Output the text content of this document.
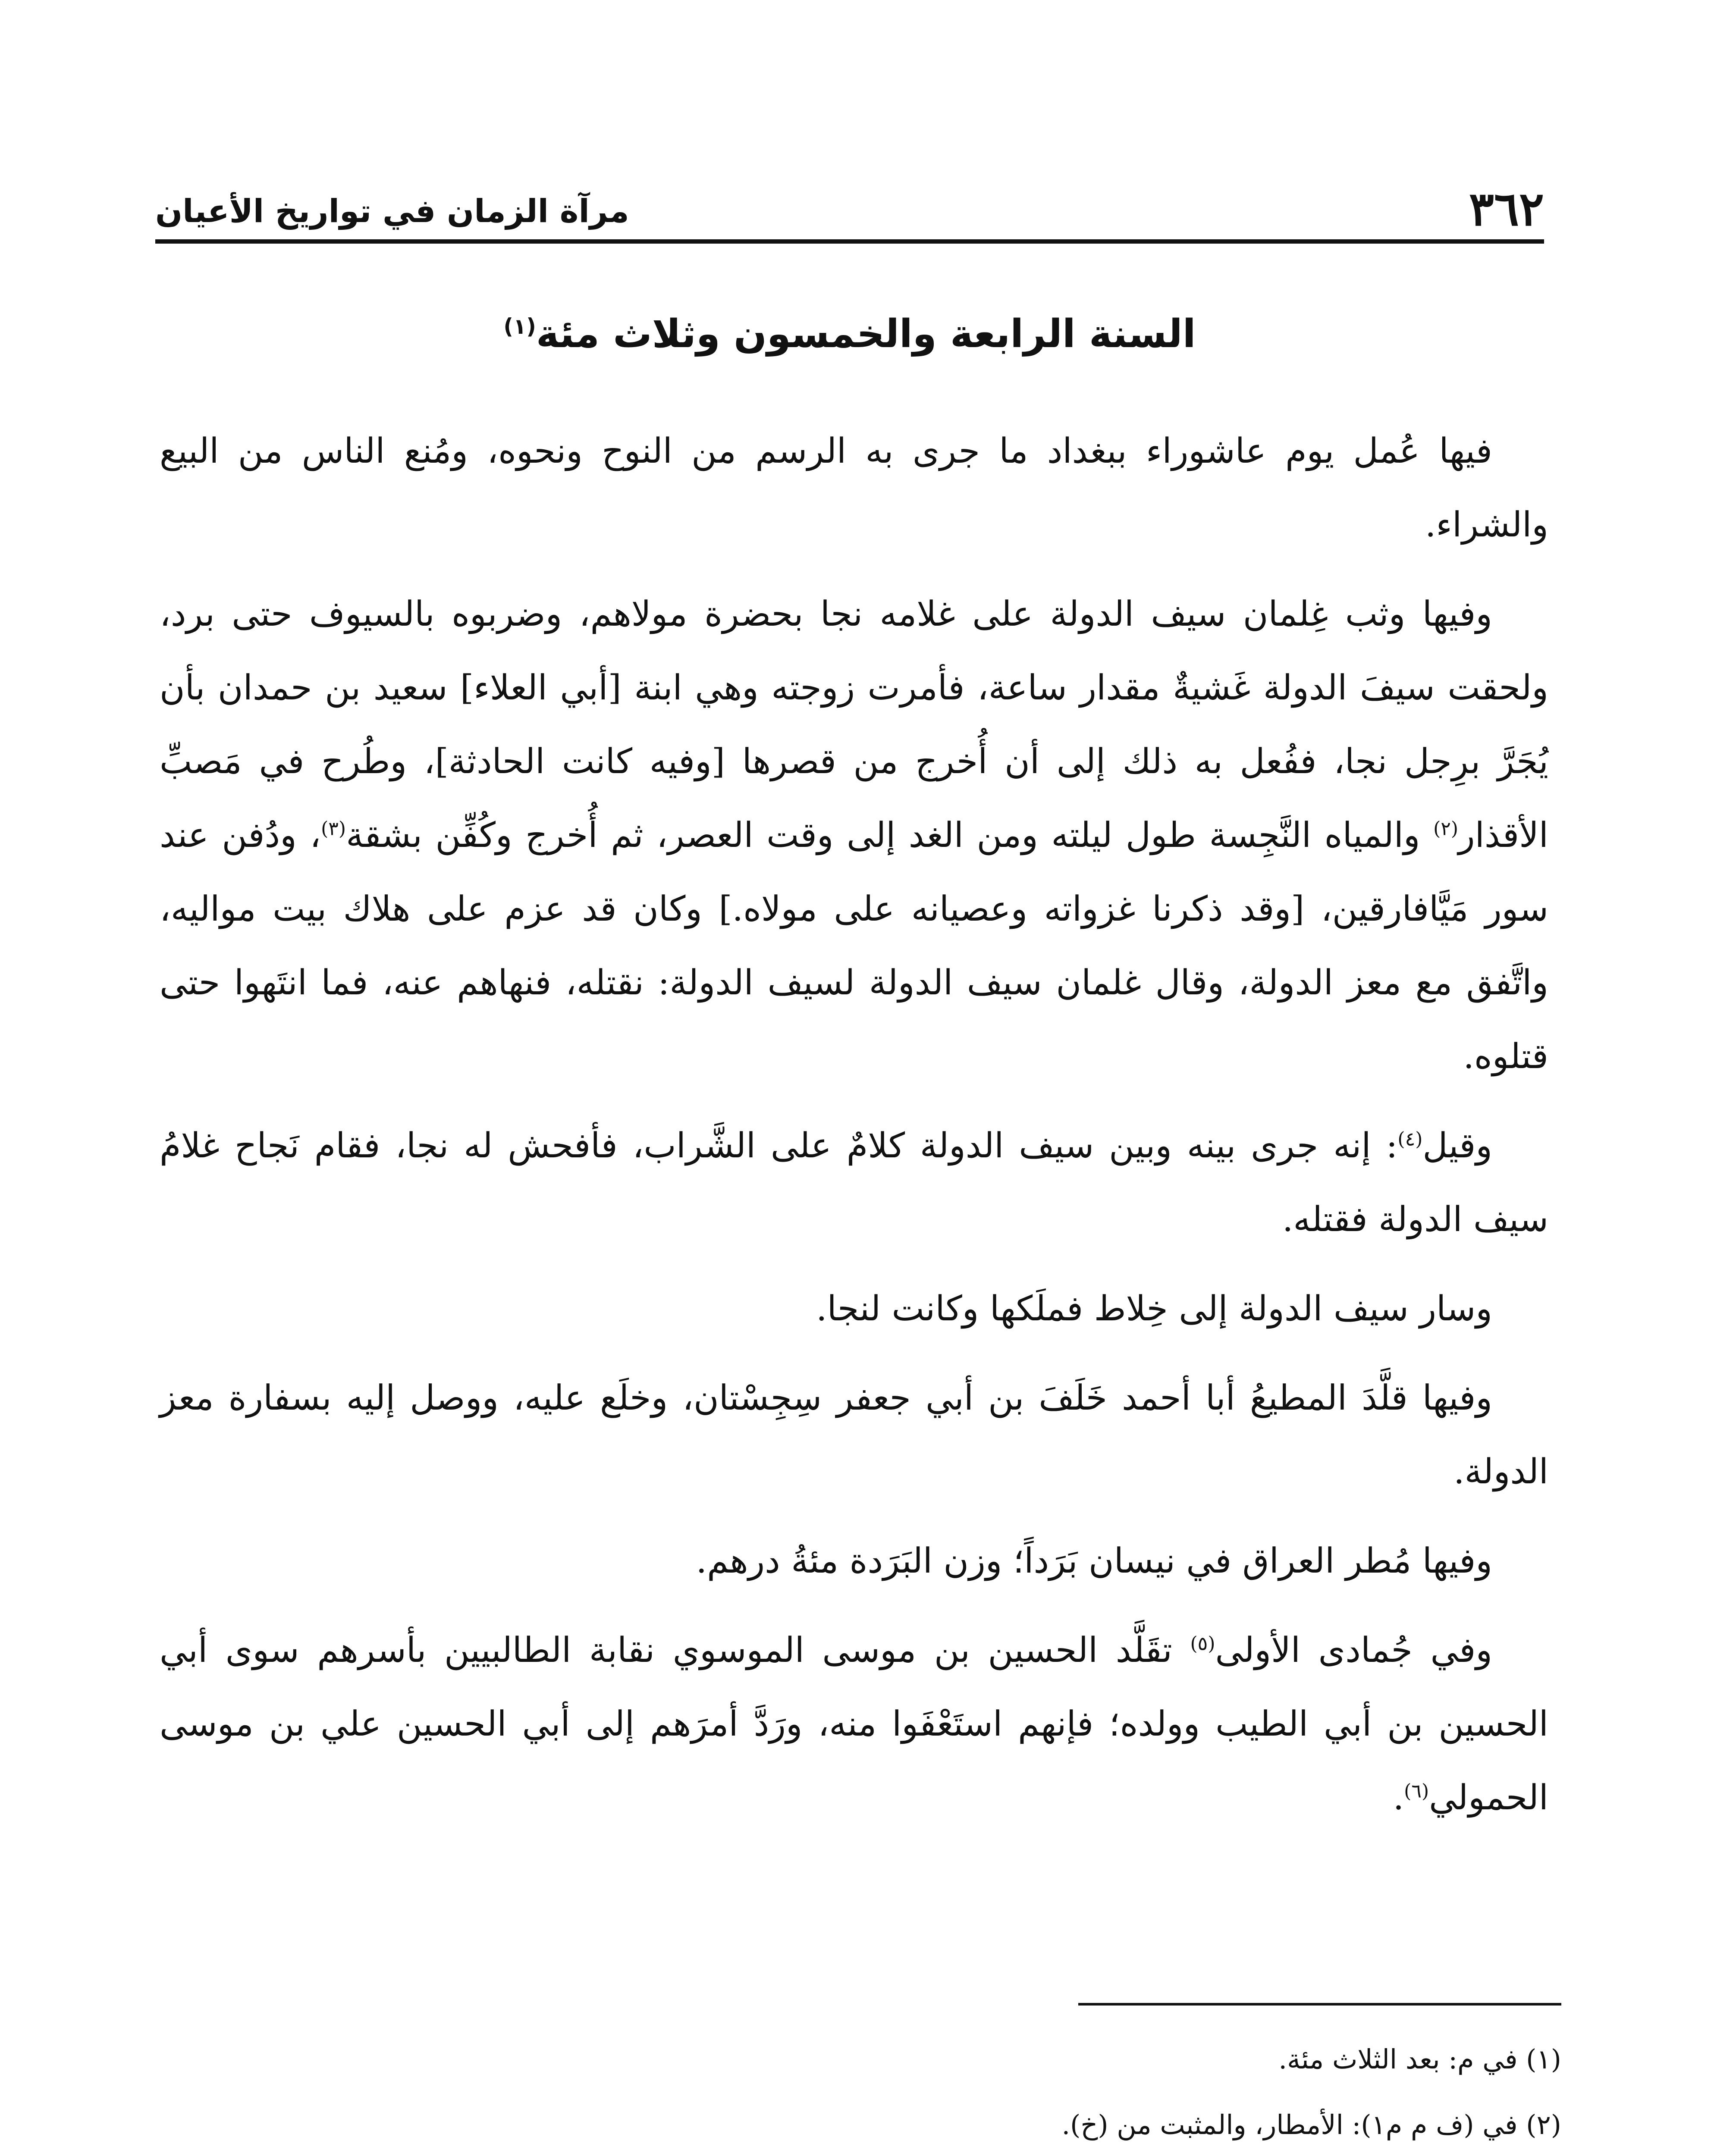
٣٦٢
مرآة الزمان في تواريخ الأعيان
السنة الرابعة والخمسون وثلاث مئة$^{(١)}$

فيها عُمل يوم عاشوراء ببغداد ما جرى به الرسم من النوح ونحوه، ومُنع الناس من البيع والشراء.

وفيها وثب غِلمان سيف الدولة على غلامه نجا بحضرة مولاهم، وضربوه بالسيوف حتى برد، ولحقت سيفَ الدولة غَشيةٌ مقدار ساعة، فأمرت زوجته وهي ابنة [أبي العلاء] سعيد بن حمدان بأن يُجَرَّ برِجل نجا، ففُعل به ذلك إلى أن أُخرج من قصرها [وفيه كانت الحادثة]، وطُرح في مَصبِّ الأقذار$^{(٢)}$ والمياه النَّجِسة طول ليلته ومن الغد إلى وقت العصر، ثم أُخرج وكُفِّن بشقة$^{(٣)}$، ودُفن عند سور مَيَّافارقين، [وقد ذكرنا غزواته وعصيانه على مولاه.] وكان قد عزم على هلاك بيت مواليه، واتَّفق مع معز الدولة، وقال غلمان سيف الدولة لسيف الدولة: نقتله، فنهاهم عنه، فما انتَهوا حتى قتلوه.

وقيل$^{(٤)}$: إنه جرى بينه وبين سيف الدولة كلامٌ على الشَّراب، فأفحش له نجا، فقام نَجاح غلامُ سيف الدولة فقتله.

وسار سيف الدولة إلى خِلاط فملَكها وكانت لنجا.

وفيها قلَّدَ المطيعُ أبا أحمد خَلَفَ بن أبي جعفر سِجِسْتان، وخلَع عليه، ووصل إليه بسفارة معز الدولة.

وفيها مُطر العراق في نيسان بَرَداً؛ وزن البَرَدة مئةُ درهم.

وفي جُمادى الأولى$^{(٥)}$ تقَلَّد الحسين بن موسى الموسوي نقابة الطالبيين بأسرهم سوى أبي الحسين بن أبي الطيب وولده؛ فإنهم استَعْفَوا منه، ورَدَّ أمرَهم إلى أبي الحسين علي بن موسى الحمولي$^{(٦)}$.

(١) في م: بعد الثلاث مئة.

(٢) في (ف م م١): الأمطار، والمثبت من (خ).
